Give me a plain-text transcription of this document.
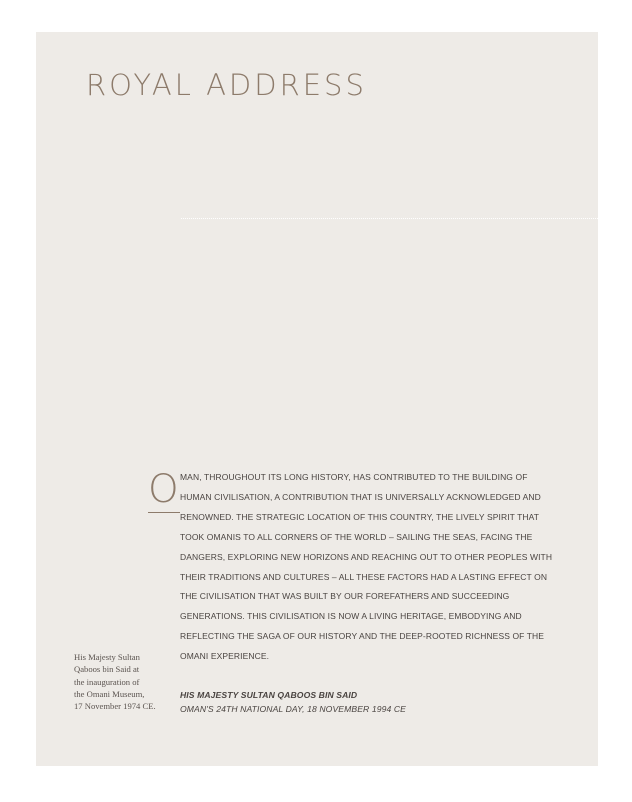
ROYAL ADDRESS
O MAN, THROUGHOUT ITS LONG HISTORY, HAS CONTRIBUTED TO THE BUILDING OF HUMAN CIVILISATION, A CONTRIBUTION THAT IS UNIVERSALLY ACKNOWLEDGED AND RENOWNED. THE STRATEGIC LOCATION OF THIS COUNTRY, THE LIVELY SPIRIT THAT TOOK OMANIS TO ALL CORNERS OF THE WORLD – SAILING THE SEAS, FACING THE DANGERS, EXPLORING NEW HORIZONS AND REACHING OUT TO OTHER PEOPLES WITH THEIR TRADITIONS AND CULTURES – ALL THESE FACTORS HAD A LASTING EFFECT ON THE CIVILISATION THAT WAS BUILT BY OUR FOREFATHERS AND SUCCEEDING GENERATIONS. THIS CIVILISATION IS NOW A LIVING HERITAGE, EMBODYING AND REFLECTING THE SAGA OF OUR HISTORY AND THE DEEP-ROOTED RICHNESS OF THE OMANI EXPERIENCE.

HIS MAJESTY SULTAN QABOOS BIN SAID
OMAN'S 24TH NATIONAL DAY, 18 NOVEMBER 1994 CE
His Majesty Sultan
Qaboos bin Said at
the inauguration of
the Omani Museum,
17 November 1974 CE.
